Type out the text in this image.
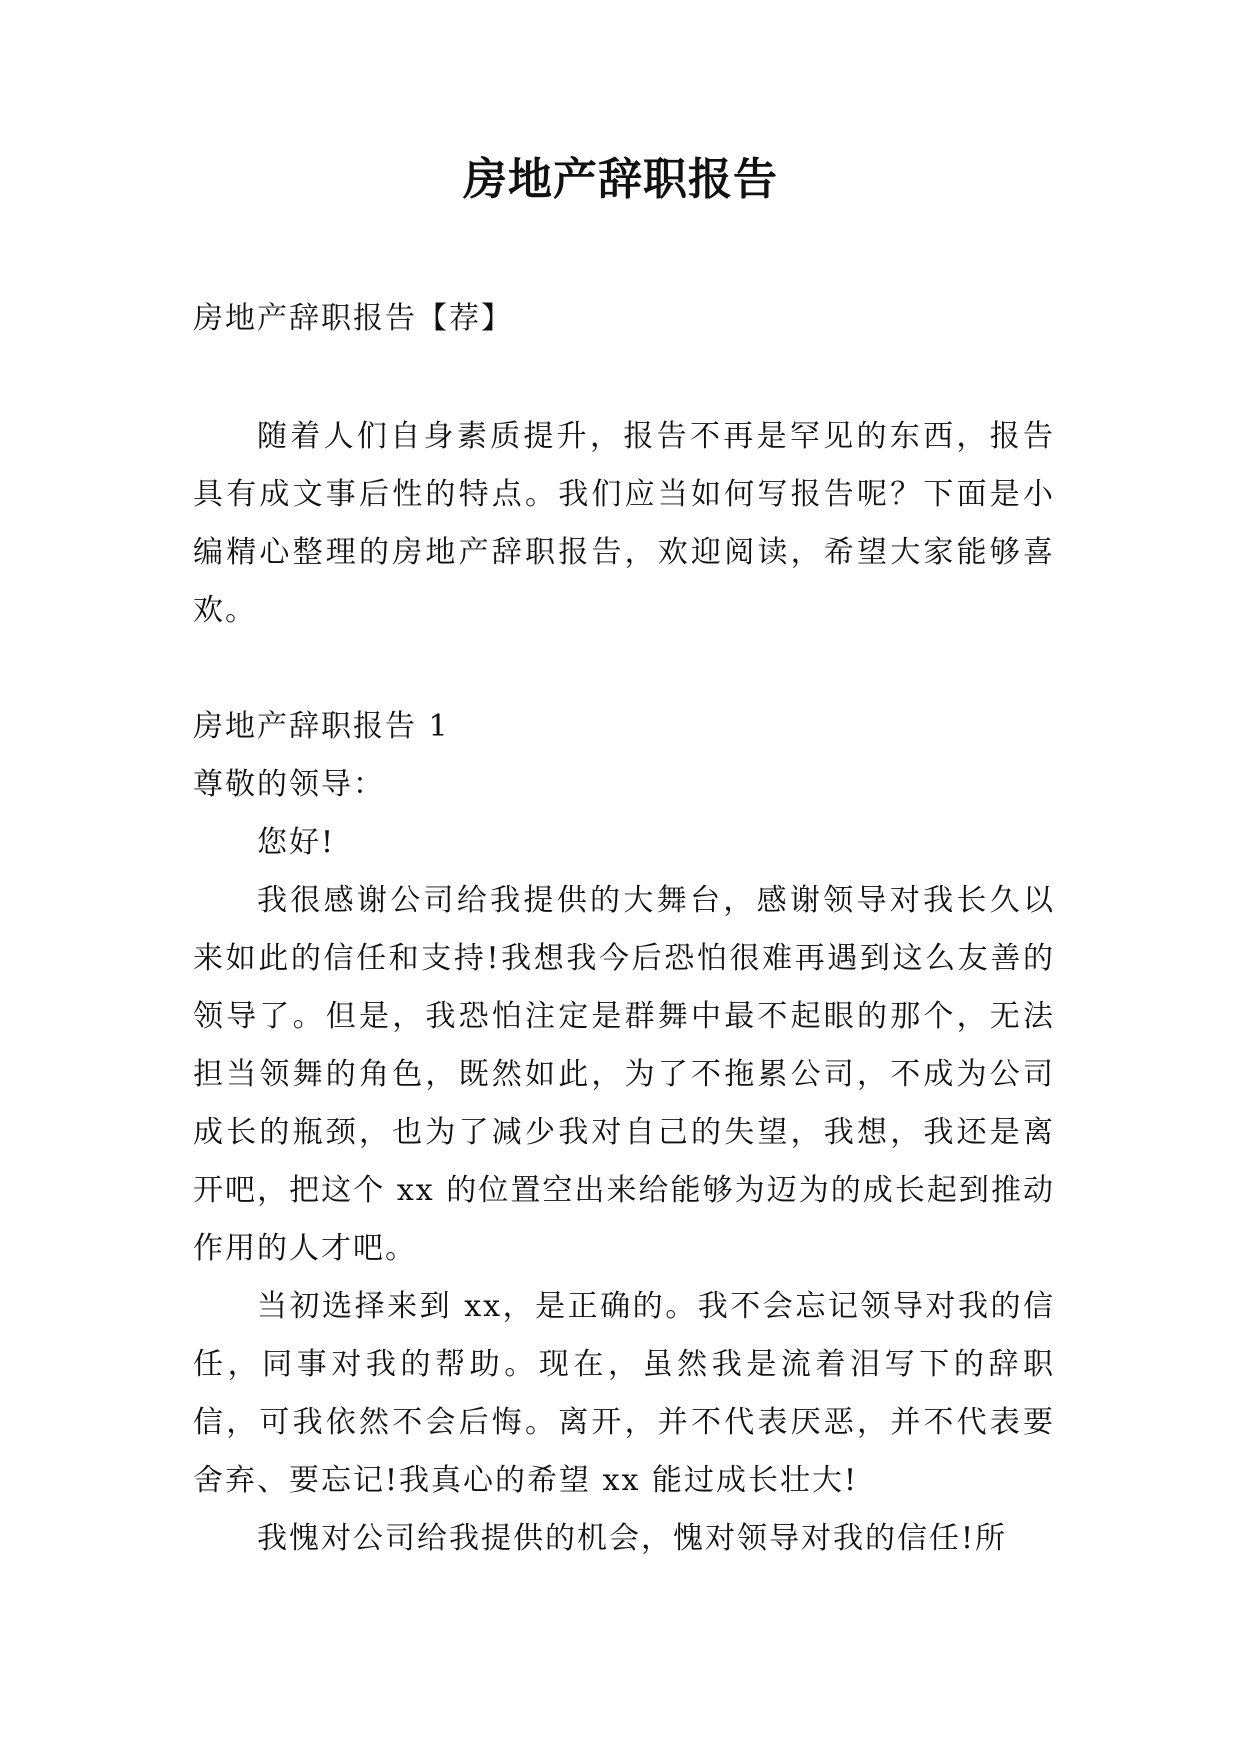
房地产辞职报告

房地产辞职报告【荐】

随着人们自身素质提升，报告不再是罕见的东西，报告具有成文事后性的特点。我们应当如何写报告呢？下面是小编精心整理的房地产辞职报告，欢迎阅读，希望大家能够喜欢。

房地产辞职报告 1

尊敬的领导：

您好!

我很感谢公司给我提供的大舞台，感谢领导对我长久以来如此的信任和支持!我想我今后恐怕很难再遇到这么友善的领导了。但是，我恐怕注定是群舞中最不起眼的那个，无法担当领舞的角色，既然如此，为了不拖累公司，不成为公司成长的瓶颈，也为了减少我对自己的失望，我想，我还是离开吧，把这个 xx 的位置空出来给能够为迈为的成长起到推动作用的人才吧。

当初选择来到 xx，是正确的。我不会忘记领导对我的信任，同事对我的帮助。现在，虽然我是流着泪写下的辞职信，可我依然不会后悔。离开，并不代表厌恶，并不代表要舍弃、要忘记!我真心的希望 xx 能过成长壮大!

我愧对公司给我提供的机会，愧对领导对我的信任!所
